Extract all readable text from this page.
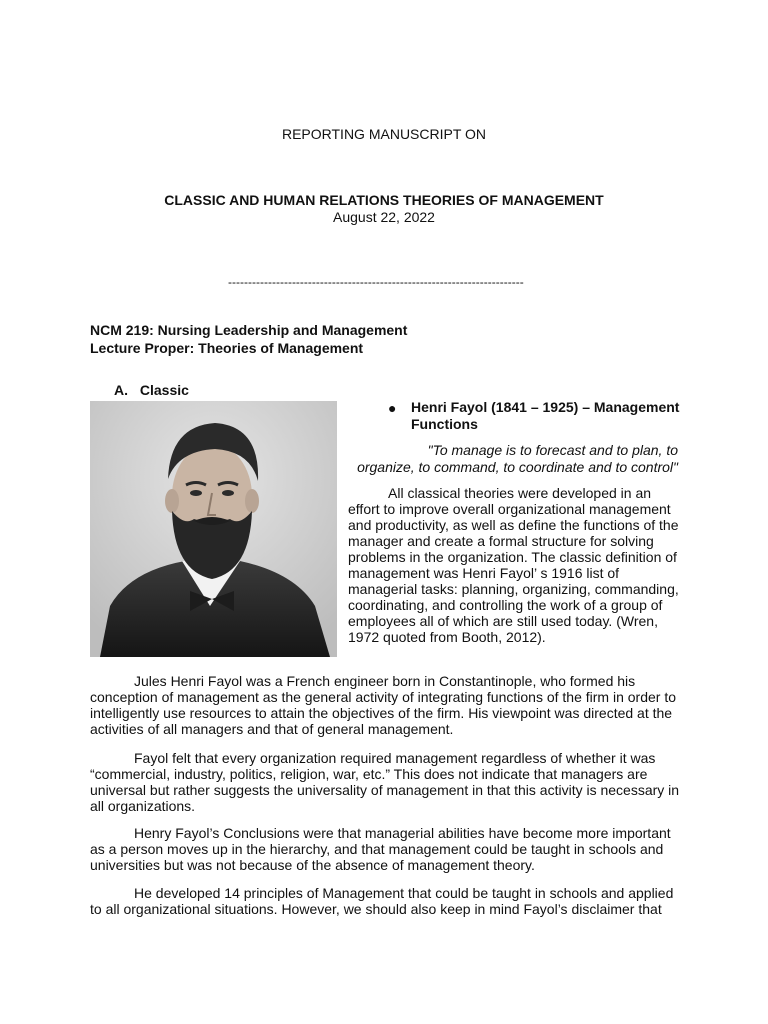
REPORTING MANUSCRIPT ON

CLASSIC AND HUMAN RELATIONS THEORIES OF MANAGEMENT

August 22, 2022

--------------------------------------------------------------------------

NCM 219: Nursing Leadership and Management

Lecture Proper: Theories of Management

A. Classic
● Henri Fayol (1841 – 1925) – Management

Functions

"To manage is to forecast and to plan, to

organize, to command, to coordinate and to control"

All classical theories were developed in an
effort to improve overall organizational management
and productivity, as well as define the functions of the
manager and create a formal structure for solving
problems in the organization. The classic definition of
management was Henri Fayol’ s 1916 list of
managerial tasks: planning, organizing, commanding,
coordinating, and controlling the work of a group of
employees all of which are still used today. (Wren,
1972 quoted from Booth, 2012).

Jules Henri Fayol was a French engineer born in Constantinople, who formed his conception of management as the general activity of integrating functions of the firm in order to intelligently use resources to attain the objectives of the firm. His viewpoint was directed at the activities of all managers and that of general management.

Fayol felt that every organization required management regardless of whether it was “commercial, industry, politics, religion, war, etc.” This does not indicate that managers are universal but rather suggests the universality of management in that this activity is necessary in all organizations.

Henry Fayol’s Conclusions were that managerial abilities have become more important as a person moves up in the hierarchy, and that management could be taught in schools and universities but was not because of the absence of management theory.

He developed 14 principles of Management that could be taught in schools and applied to all organizational situations. However, we should also keep in mind Fayol’s disclaimer that
